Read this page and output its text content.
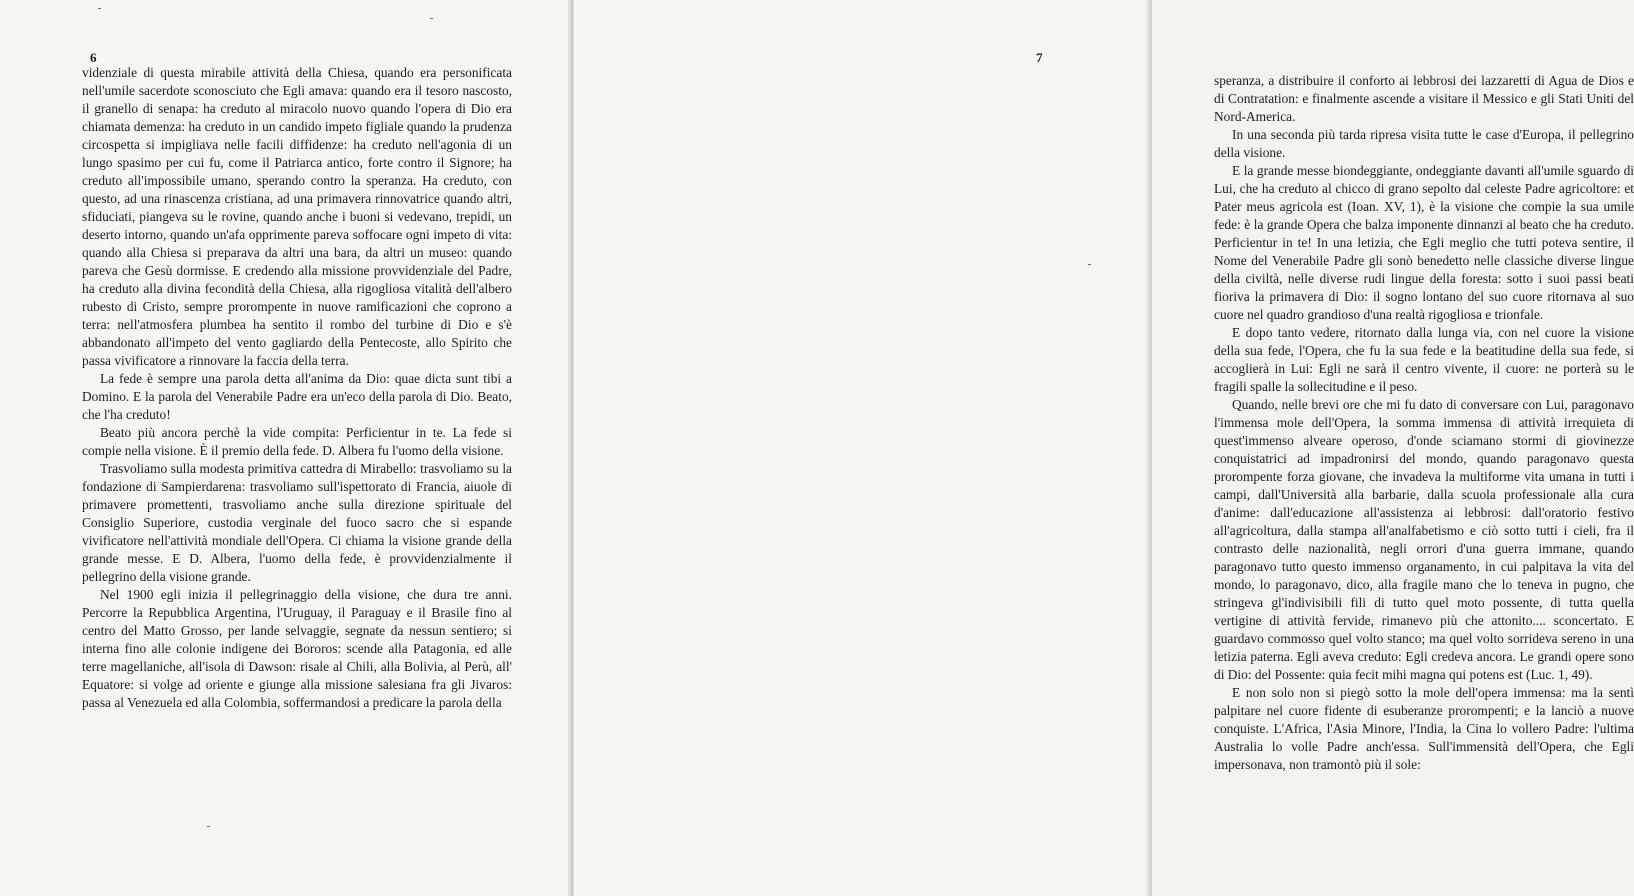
6

videnziale di questa mirabile attività della Chiesa, quando era personificata nell'umile sacerdote sconosciuto che Egli amava: quando era il tesoro nascosto, il granello di senapa: ha creduto al miracolo nuovo quando l'opera di Dio era chiamata demenza: ha creduto in un candido impeto figliale quando la prudenza circospetta si impigliava nelle facili diffidenze: ha creduto nell'agonia di un lungo spasimo per cui fu, come il Patriarca antico, forte contro il Signore; ha creduto all'impossibile umano, sperando contro la speranza. Ha creduto, con questo, ad una rinascenza cristiana, ad una primavera rinnovatrice quando altri, sfiduciati, piangeva su le rovine, quando anche i buoni si vedevano, trepidi, un deserto intorno, quando un'afa opprimente pareva soffocare ogni impeto di vita: quando alla Chiesa si preparava da altri una bara, da altri un museo: quando pareva che Gesù dormisse. E credendo alla missione provvidenziale del Padre, ha creduto alla divina fecondità della Chiesa, alla rigogliosa vitalità dell'albero rubesto di Cristo, sempre prorompente in nuove ramificazioni che coprono a terra: nell'atmosfera plumbea ha sentito il rombo del turbine di Dio e s'è abbandonato all'impeto del vento gagliardo della Pentecoste, allo Spirito che passa vivificatore a rinnovare la faccia della terra.

La fede è sempre una parola detta all'anima da Dio: quae dicta sunt tibi a Domino. E la parola del Venerabile Padre era un'eco della parola di Dio. Beato, che l'ha creduto!

Beato più ancora perchè la vide compita: Perficientur in te. La fede si compie nella visione. È il premio della fede. D. Albera fu l'uomo della visione.

Trasvoliamo sulla modesta primitiva cattedra di Mirabello: trasvoliamo su la fondazione di Sampierdarena: trasvoliamo sull'ispettorato di Francia, aiuole di primavere promettenti, trasvoliamo anche sulla direzione spirituale del Consiglio Superiore, custodia verginale del fuoco sacro che si espande vivificatore nell'attività mondiale dell'Opera. Ci chiama la visione grande della grande messe. E D. Albera, l'uomo della fede, è provvidenzialmente il pellegrino della visione grande.

Nel 1900 egli inizia il pellegrinaggio della visione, che dura tre anni. Percorre la Repubblica Argentina, l'Uruguay, il Paraguay e il Brasile fino al centro del Matto Grosso, per lande selvaggie, segnate da nessun sentiero; si interna fino alle colonie indigene dei Bororos: scende alla Patagonia, ed alle terre magellaniche, all'isola di Dawson: risale al Chili, alla Bolivia, al Perù, all' Equatore: si volge ad oriente e giunge alla missione salesiana fra gli Jivaros: passa al Venezuela ed alla Colombia, soffermandosi a predicare la parola della

speranza, a distribuire il conforto ai lebbrosi dei lazzaretti di Agua de Dios e di Contratation: e finalmente ascende a visitare il Messico e gli Stati Uniti del Nord-America.

In una seconda più tarda ripresa visita tutte le case d'Europa, il pellegrino della visione.

E la grande messe biondeggiante, ondeggiante davanti all'umile sguardo di Lui, che ha creduto al chicco di grano sepolto dal celeste Padre agricoltore: et Pater meus agricola est (Ioan. XV, 1), è la visione che compie la sua umile fede: è la grande Opera che balza imponente dinnanzi al beato che ha creduto. Perficientur in te! In una letizia, che Egli meglio che tutti poteva sentire, il Nome del Venerabile Padre gli sonò benedetto nelle classiche diverse lingue della civiltà, nelle diverse rudi lingue della foresta: sotto i suoi passi beati fioriva la primavera di Dio: il sogno lontano del suo cuore ritornava al suo cuore nel quadro grandioso d'una realtà rigogliosa e trionfale.

E dopo tanto vedere, ritornato dalla lunga via, con nel cuore la visione della sua fede, l'Opera, che fu la sua fede e la beatitudine della sua fede, si accoglierà in Lui: Egli ne sarà il centro vivente, il cuore: ne porterà su le fragili spalle la sollecitudine e il peso.

Quando, nelle brevi ore che mi fu dato di conversare con Lui, paragonavo l'immensa mole dell'Opera, la somma immensa di attività irrequieta di quest'immenso alveare operoso, d'onde sciamano stormi di giovinezze conquistatrici ad impadronirsi del mondo, quando paragonavo questa prorompente forza giovane, che invadeva la multiforme vita umana in tutti i campi, dall'Università alla barbarie, dalla scuola professionale alla cura d'anime: dall'educazione all'assistenza ai lebbrosi: dall'oratorio festivo all'agricoltura, dalla stampa all'analfabetismo e ciò sotto tutti i cieli, fra il contrasto delle nazionalità, negli orrori d'una guerra immane, quando paragonavo tutto questo immenso organamento, in cui palpitava la vita del mondo, lo paragonavo, dico, alla fragile mano che lo teneva in pugno, che stringeva gl'indivisibili fili di tutto quel moto possente, di tutta quella vertigine di attività fervide, rimanevo più che attonito.... sconcertato. E guardavo commosso quel volto stanco; ma quel volto sorrideva sereno in una letizia paterna. Egli aveva creduto: Egli credeva ancora. Le grandi opere sono di Dio: del Possente: quia fecit mihi magna qui potens est (Luc. 1, 49).

E non solo non si piegò sotto la mole dell'opera immensa: ma la sentì palpitare nel cuore fidente di esuberanze prorompenti; e la lanciò a nuove conquiste. L'Africa, l'Asia Minore, l'India, la Cina lo vollero Padre: l'ultima Australia lo volle Padre anch'essa. Sull'immensità dell'Opera, che Egli impersonava, non tramontò più il sole:

7
